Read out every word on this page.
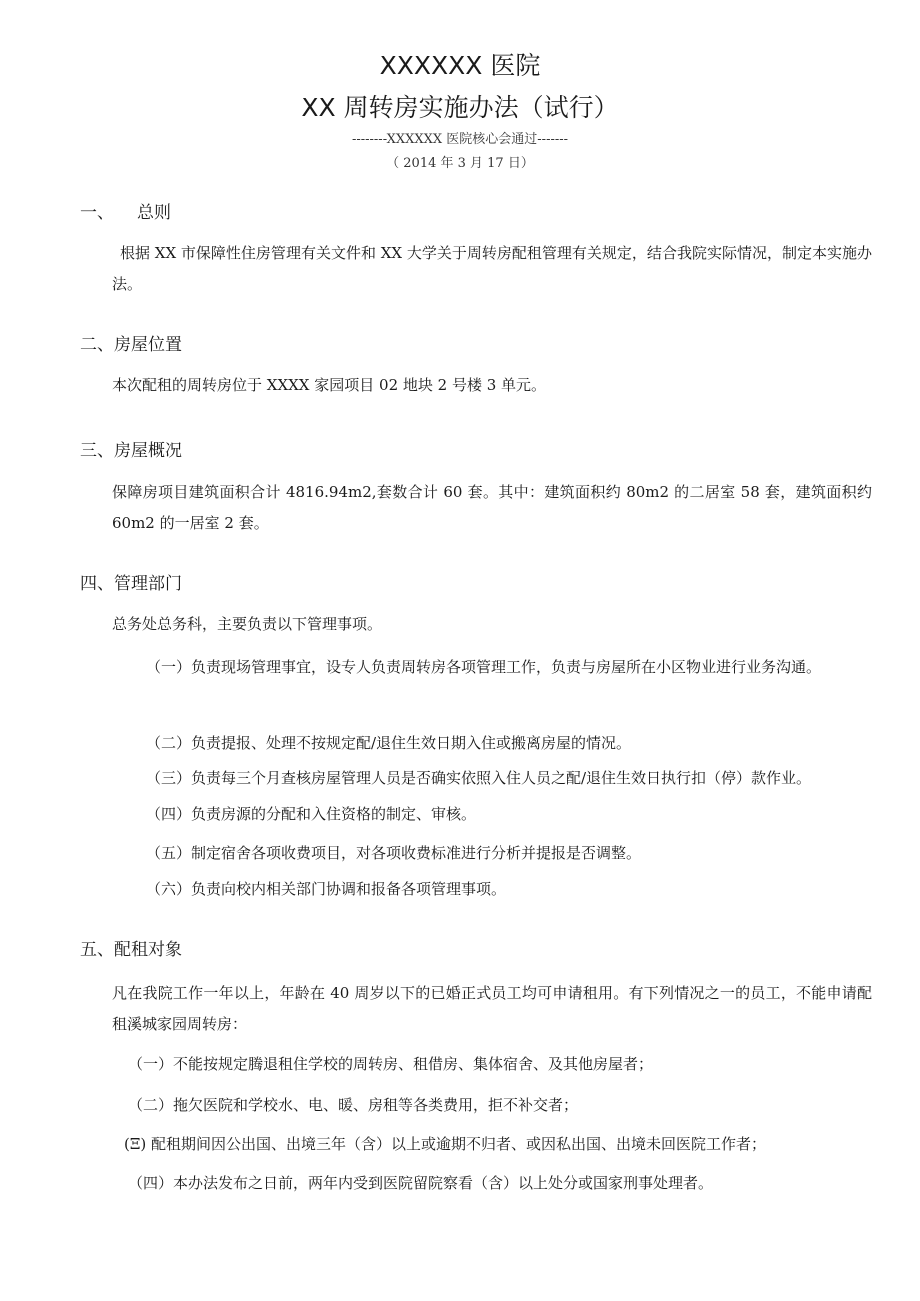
XXXXXX 医院
XX 周转房实施办法（试行）
--------XXXXXX 医院核心会通过-------
（ 2014 年 3 月 17 日）
一、 总则
根据 XX 市保障性住房管理有关文件和 XX 大学关于周转房配租管理有关规定，结合我院实际情况，制定本实施办法。
二、房屋位置
本次配租的周转房位于 XXXX 家园项目 02 地块 2 号楼 3 单元。
三、房屋概况
保障房项目建筑面积合计 4816.94m2,套数合计 60 套。其中：建筑面积约 80m2 的二居室 58 套，建筑面积约 60m2 的一居室 2 套。
四、管理部门
总务处总务科，主要负责以下管理事项。
（一）负责现场管理事宜，设专人负责周转房各项管理工作，负责与房屋所在小区物业进行业务沟通。
（二）负责提报、处理不按规定配/退住生效日期入住或搬离房屋的情况。
（三）负责每三个月查核房屋管理人员是否确实依照入住人员之配/退住生效日执行扣（停）款作业。
（四）负责房源的分配和入住资格的制定、审核。
（五）制定宿舍各项收费项目，对各项收费标准进行分析并提报是否调整。
（六）负责向校内相关部门协调和报备各项管理事项。
五、配租对象
凡在我院工作一年以上，年龄在 40 周岁以下的已婚正式员工均可申请租用。有下列情况之一的员工，不能申请配租溪城家园周转房：
（一）不能按规定腾退租住学校的周转房、租借房、集体宿舍、及其他房屋者；
（二）拖欠医院和学校水、电、暖、房租等各类费用，拒不补交者；
(Ξ) 配租期间因公出国、出境三年（含）以上或逾期不归者、或因私出国、出境未回医院工作者；
（四）本办法发布之日前，两年内受到医院留院察看（含）以上处分或国家刑事处理者。
